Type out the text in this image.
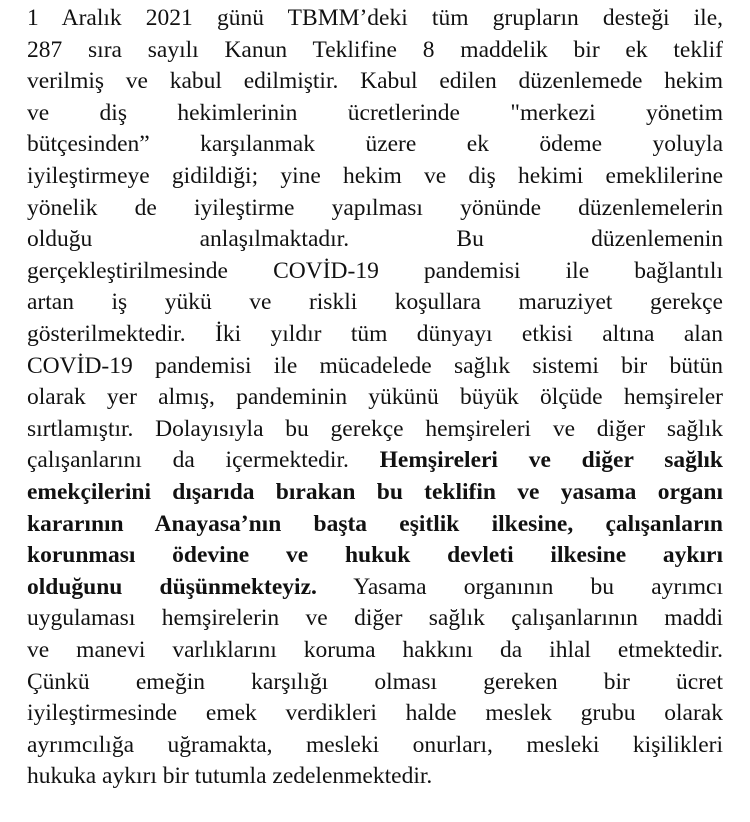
1 Aralık 2021 günü TBMM’deki tüm grupların desteği ile,
287 sıra sayılı Kanun Teklifine 8 maddelik bir ek teklif
verilmiş ve kabul edilmiştir. Kabul edilen düzenlemede hekim
ve diş hekimlerinin ücretlerinde "merkezi yönetim
bütçesinden” karşılanmak üzere ek ödeme yoluyla
iyileştirmeye gidildiği; yine hekim ve diş hekimi emeklilerine
yönelik de iyileştirme yapılması yönünde düzenlemelerin
olduğu anlaşılmaktadır. Bu düzenlemenin
gerçekleştirilmesinde COVİD-19 pandemisi ile bağlantılı
artan iş yükü ve riskli koşullara maruziyet gerekçe
gösterilmektedir. İki yıldır tüm dünyayı etkisi altına alan
COVİD-19 pandemisi ile mücadelede sağlık sistemi bir bütün
olarak yer almış, pandeminin yükünü büyük ölçüde hemşireler
sırtlamıştır. Dolayısıyla bu gerekçe hemşireleri ve diğer sağlık
çalışanlarını da içermektedir. Hemşireleri ve diğer sağlık
emekçilerini dışarıda bırakan bu teklifin ve yasama organı
kararının Anayasa’nın başta eşitlik ilkesine, çalışanların
korunması ödevine ve hukuk devleti ilkesine aykırı
olduğunu düşünmekteyiz. Yasama organının bu ayrımcı
uygulaması hemşirelerin ve diğer sağlık çalışanlarının maddi
ve manevi varlıklarını koruma hakkını da ihlal etmektedir.
Çünkü emeğin karşılığı olması gereken bir ücret
iyileştirmesinde emek verdikleri halde meslek grubu olarak
ayrımcılığa uğramakta, mesleki onurları, mesleki kişilikleri
hukuka aykırı bir tutumla zedelenmektedir.
